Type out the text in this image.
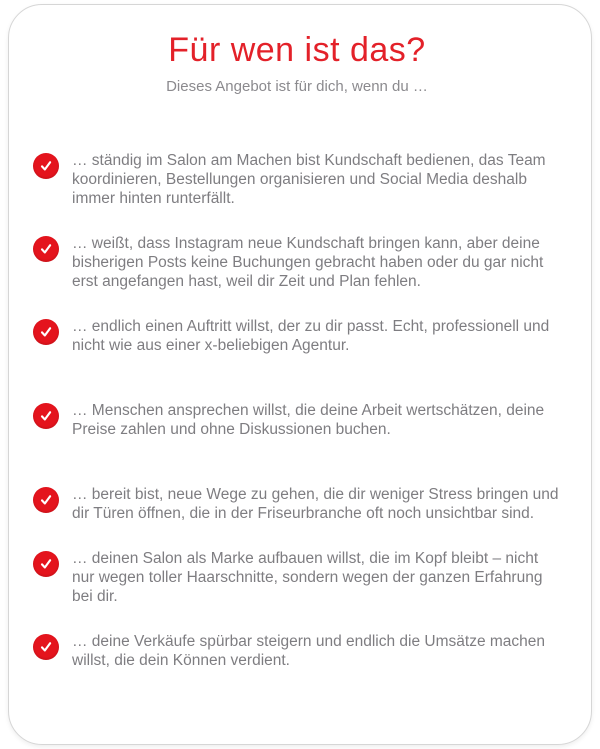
Für wen ist das?

Dieses Angebot ist für dich, wenn du …

… ständig im Salon am Machen bist Kundschaft bedienen, das Team koordinieren, Bestellungen organisieren und Social Media deshalb immer hinten runterfällt.
… weißt, dass Instagram neue Kundschaft bringen kann, aber deine bisherigen Posts keine Buchungen gebracht haben oder du gar nicht erst angefangen hast, weil dir Zeit und Plan fehlen.
… endlich einen Auftritt willst, der zu dir passt. Echt, professionell und nicht wie aus einer x-beliebigen Agentur.
… Menschen ansprechen willst, die deine Arbeit wertschätzen, deine Preise zahlen und ohne Diskussionen buchen.
… bereit bist, neue Wege zu gehen, die dir weniger Stress bringen und dir Türen öffnen, die in der Friseurbranche oft noch unsichtbar sind.
… deinen Salon als Marke aufbauen willst, die im Kopf bleibt – nicht nur wegen toller Haarschnitte, sondern wegen der ganzen Erfahrung bei dir.
… deine Verkäufe spürbar steigern und endlich die Umsätze machen willst, die dein Können verdient.
